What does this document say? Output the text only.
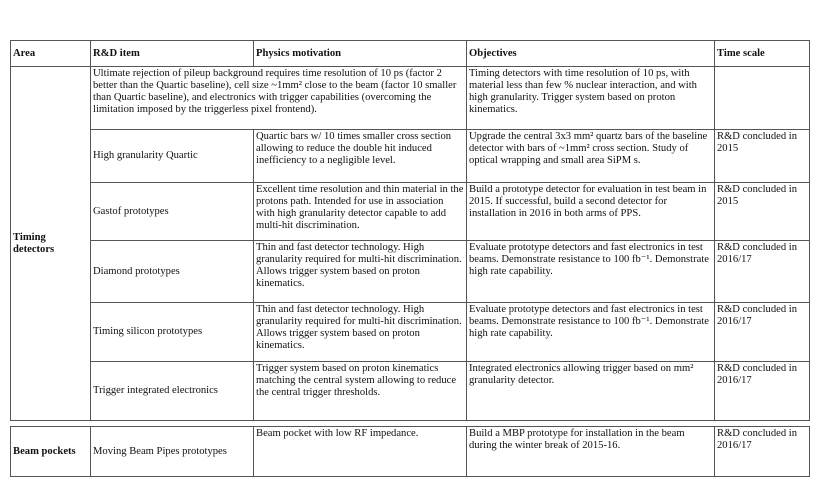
Area	R&D item	Physics motivation	Objectives	Time scale

Timing
detectors	Ultimate rejection of pileup background requires time resolution of 10 ps (factor 2 better than the Quartic baseline), cell size ~1mm² close to the beam (factor 10 smaller than Quartic baseline), and electronics with trigger capabilities (overcoming the limitation imposed by the triggerless pixel frontend).		Timing detectors with time resolution of 10 ps, with material less than few % nuclear interaction, and with high granularity. Trigger system based on proton kinematics.	
	High granularity Quartic	Quartic bars w/ 10 times smaller cross section allowing to reduce the double hit induced inefficiency to a negligible level.	Upgrade the central 3x3 mm² quartz bars of the baseline detector with bars of ~1mm² cross section. Study of optical wrapping and small area SiPM s.	R&D concluded in 2015
	Gastof prototypes	Excellent time resolution and thin material in the protons path. Intended for use in association with high granularity detector capable to add multi-hit discrimination.	Build a prototype detector for evaluation in test beam in 2015. If successful, build a second detector for installation in 2016 in both arms of PPS.	R&D concluded in 2015
	Diamond prototypes	Thin and fast detector technology. High granularity required for multi-hit discrimination. Allows trigger system based on proton kinematics.	Evaluate prototype detectors and fast electronics in test beams. Demonstrate resistance to 100 fb⁻¹. Demonstrate high rate capability.	R&D concluded in 2016/17
	Timing silicon prototypes	Thin and fast detector technology. High granularity required for multi-hit discrimination. Allows trigger system based on proton kinematics.	Evaluate prototype detectors and fast electronics in test beams. Demonstrate resistance to 100 fb⁻¹. Demonstrate high rate capability.	R&D concluded in 2016/17
	Trigger integrated electronics	Trigger system based on proton kinematics matching the central system allowing to reduce the central trigger thresholds.	Integrated electronics allowing trigger based on mm² granularity detector.	R&D concluded in 2016/17
Beam pockets	Moving Beam Pipes prototypes	Beam pocket with low RF impedance.	Build a MBP prototype for installation in the beam during the winter break of 2015-16.	R&D concluded in 2016/17
